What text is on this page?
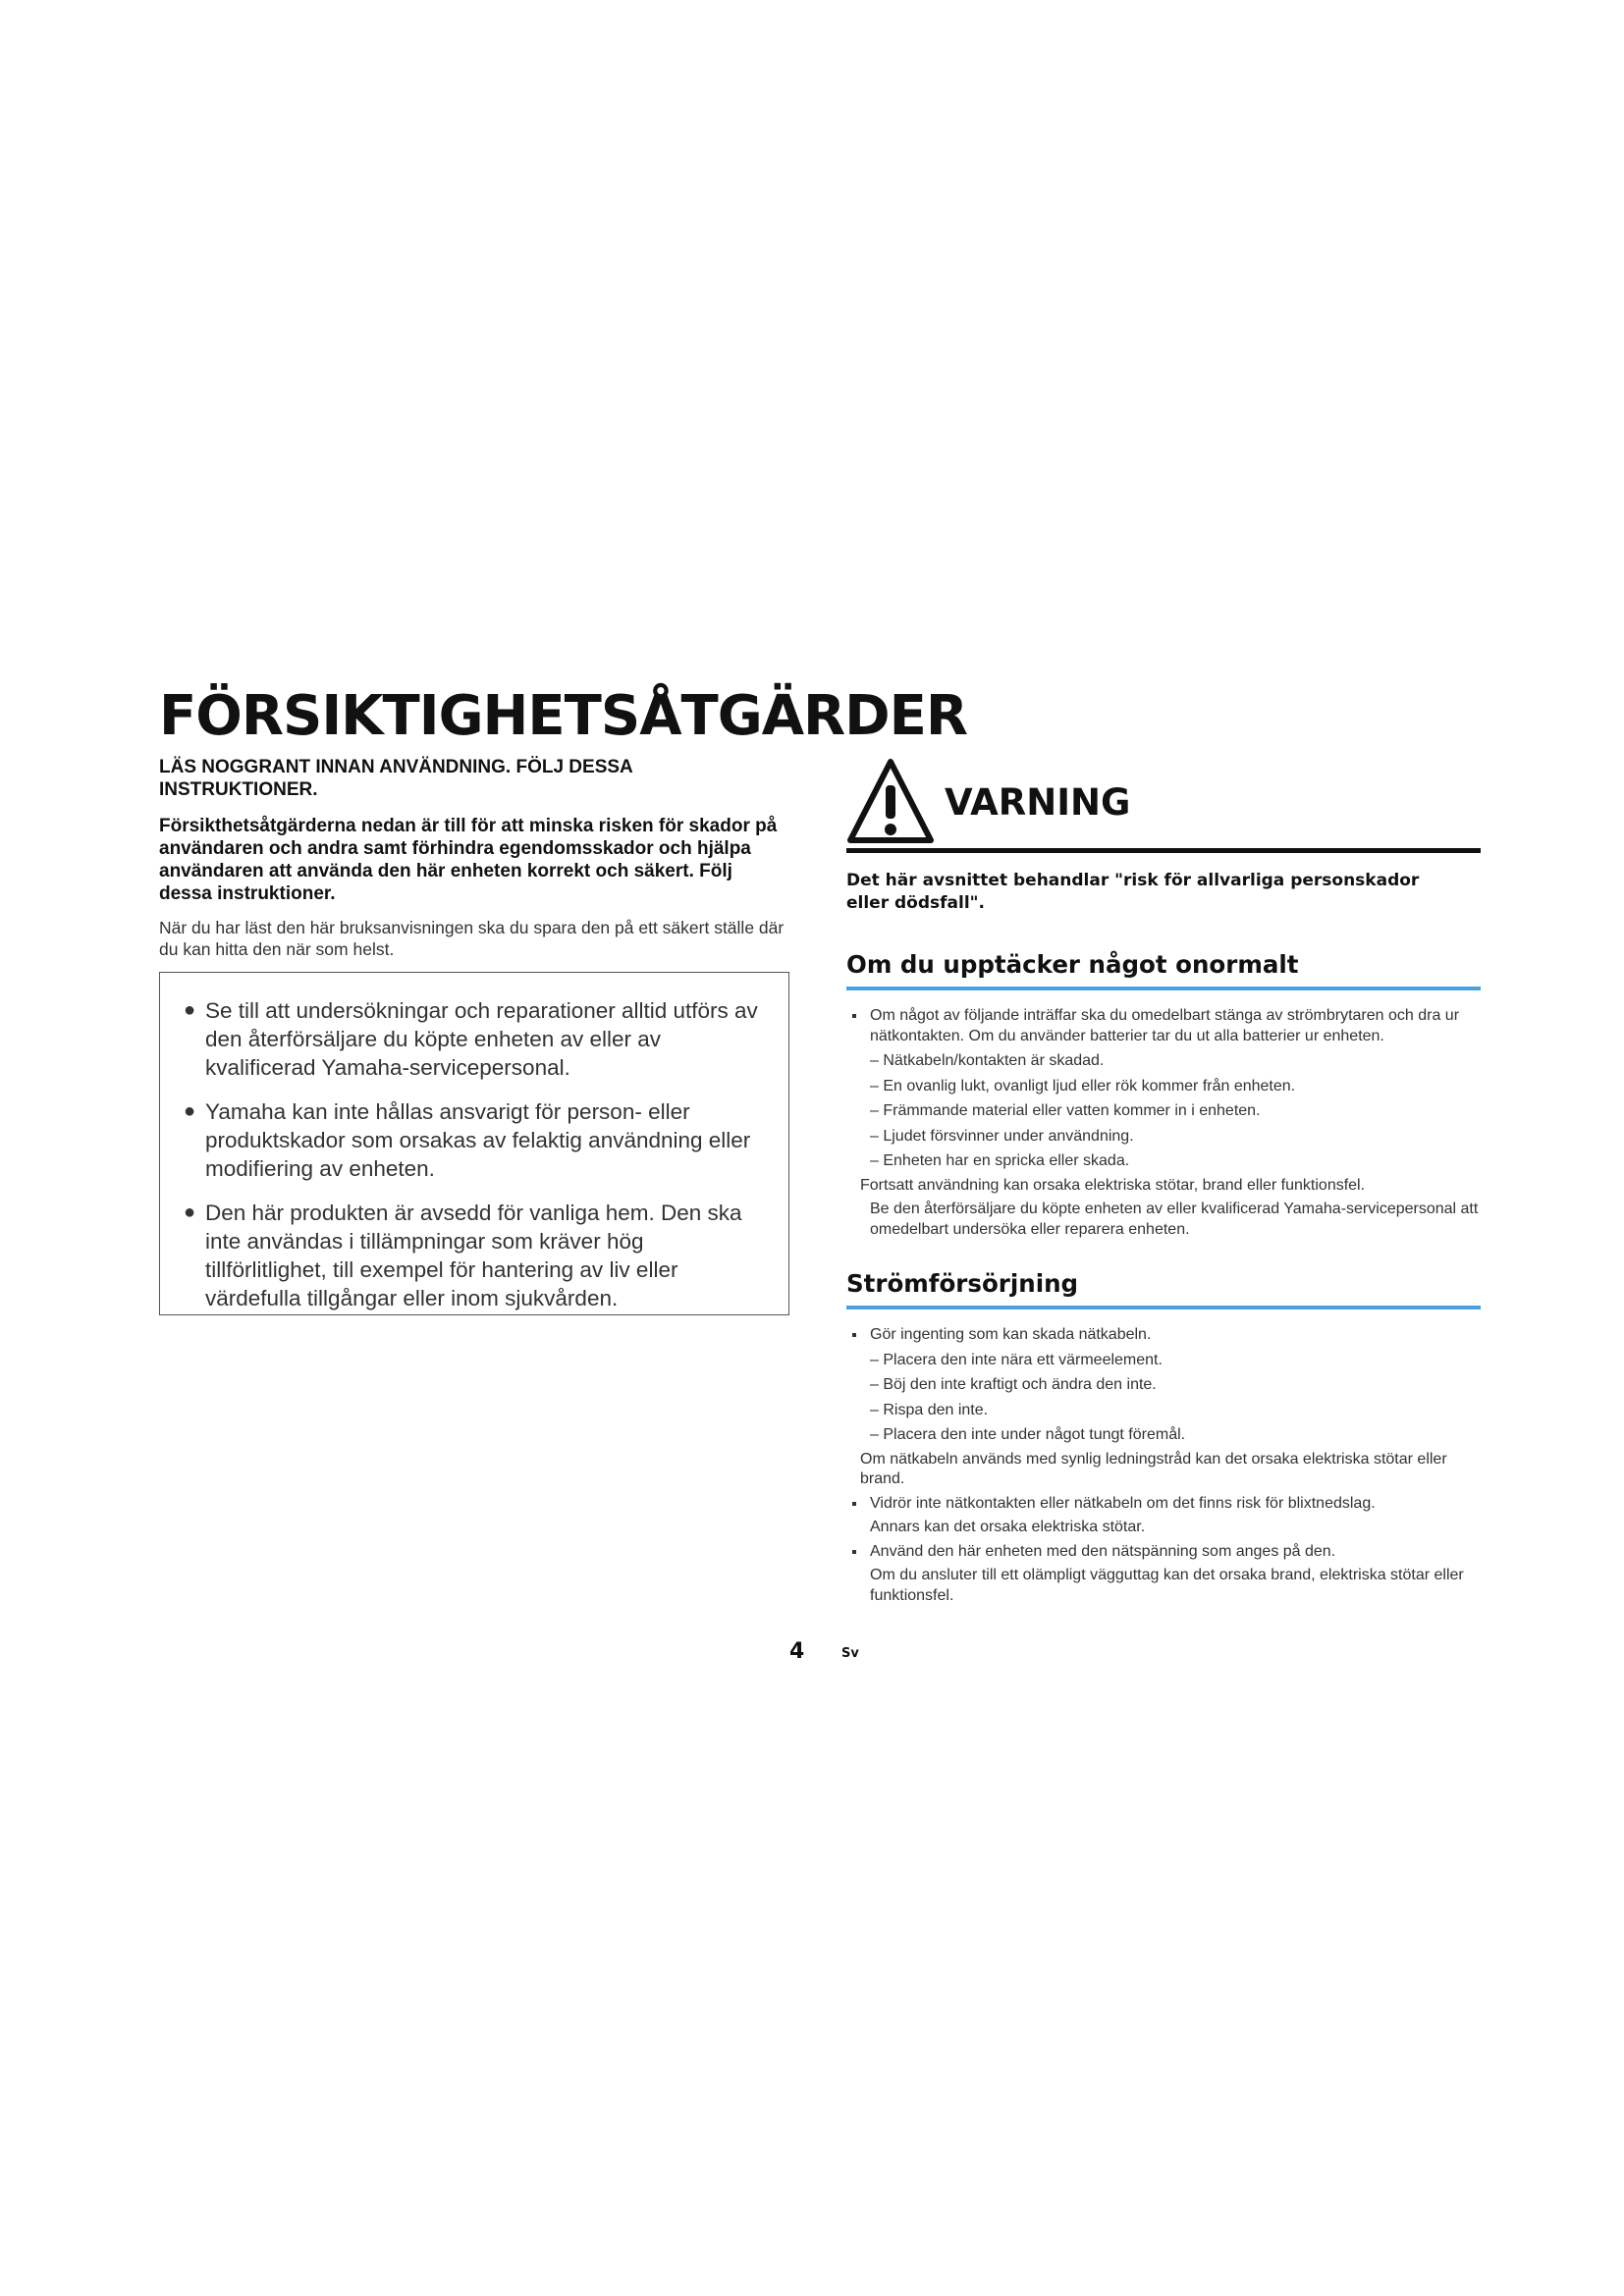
FÖRSIKTIGHETSÅTGÄRDER

LÄS NOGGRANT INNAN ANVÄNDNING. FÖLJ DESSA INSTRUKTIONER.

Försikthetsåtgärderna nedan är till för att minska risken för skador på användaren och andra samt förhindra egendomsskador och hjälpa användaren att använda den här enheten korrekt och säkert. Följ dessa instruktioner.

När du har läst den här bruksanvisningen ska du spara den på ett säkert ställe där du kan hitta den när som helst.

● Se till att undersökningar och reparationer alltid utförs av den återförsäljare du köpte enheten av eller av kvalificerad Yamaha-servicepersonal.
● Yamaha kan inte hållas ansvarigt för person- eller produktskador som orsakas av felaktig användning eller modifiering av enheten.
● Den här produkten är avsedd för vanliga hem. Den ska inte användas i tillämpningar som kräver hög tillförlitlighet, till exempel för hantering av liv eller värdefulla tillgångar eller inom sjukvården.
VARNING

Det här avsnittet behandlar "risk för allvarliga personskador eller dödsfall".

Om du upptäcker något onormalt
Om något av följande inträffar ska du omedelbart stänga av strömbrytaren och dra ur nätkontakten. Om du använder batterier tar du ut alla batterier ur enheten.
– Nätkabeln/kontakten är skadad.
– En ovanlig lukt, ovanligt ljud eller rök kommer från enheten.
– Främmande material eller vatten kommer in i enheten.
– Ljudet försvinner under användning.
– Enheten har en spricka eller skada.
Fortsatt användning kan orsaka elektriska stötar, brand eller funktionsfel.
Be den återförsäljare du köpte enheten av eller kvalificerad Yamaha-servicepersonal att omedelbart undersöka eller reparera enheten.
Strömförsörjning
Gör ingenting som kan skada nätkabeln.
– Placera den inte nära ett värmeelement.
– Böj den inte kraftigt och ändra den inte.
– Rispa den inte.
– Placera den inte under något tungt föremål.
Om nätkabeln används med synlig ledningstråd kan det orsaka elektriska stötar eller brand.
Vidrör inte nätkontakten eller nätkabeln om det finns risk för blixtnedslag.
Annars kan det orsaka elektriska stötar.
Använd den här enheten med den nätspänning som anges på den.
Om du ansluter till ett olämpligt vägguttag kan det orsaka brand, elektriska stötar eller funktionsfel.
4	Sv
